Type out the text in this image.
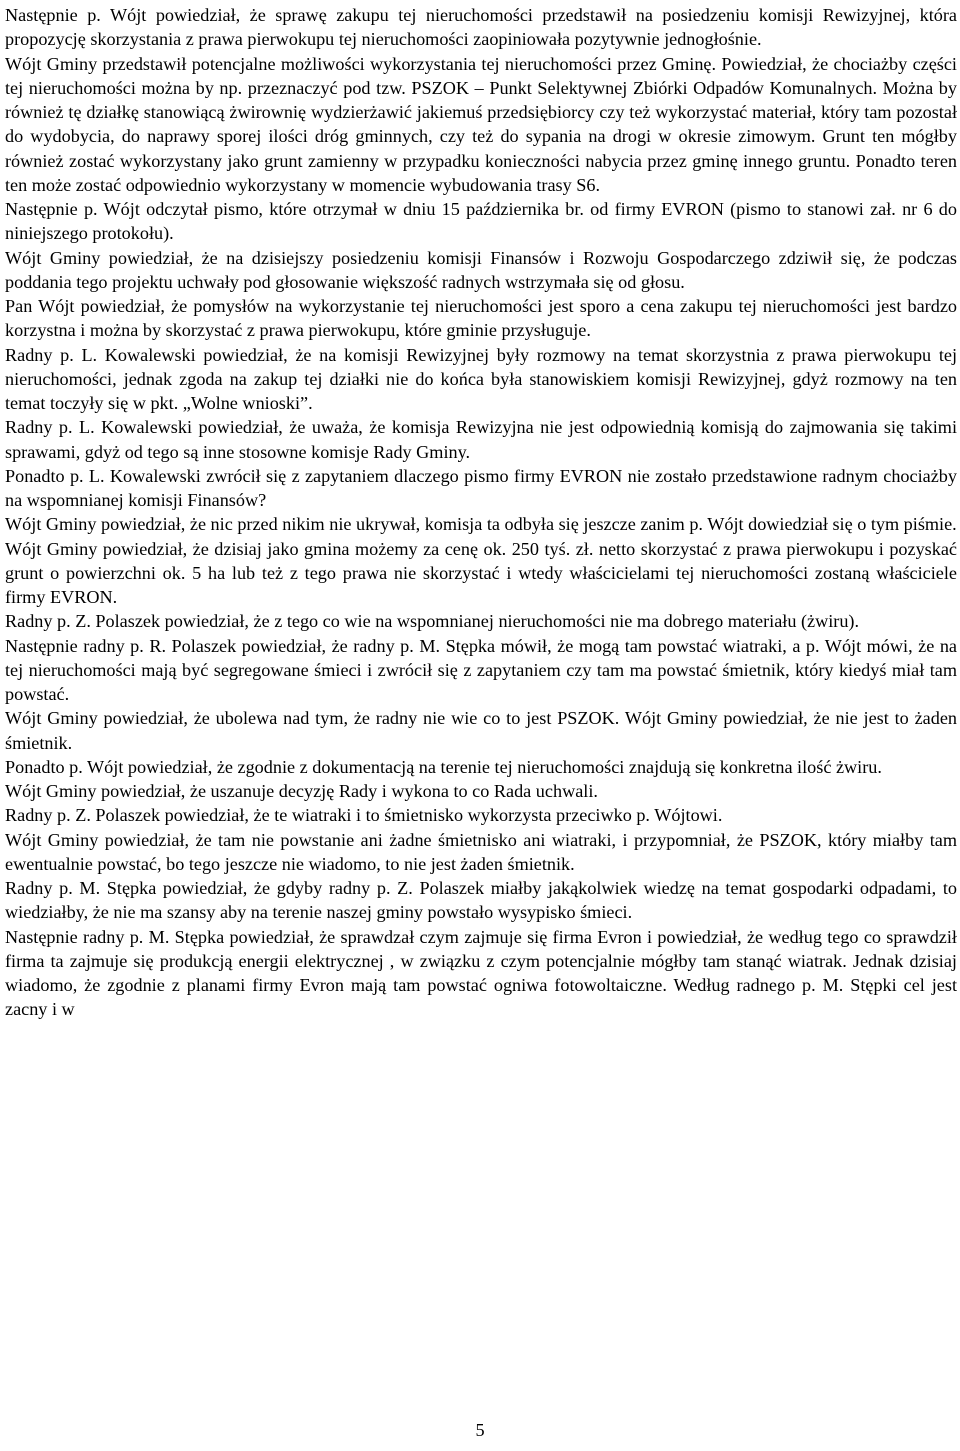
Następnie p. Wójt powiedział, że sprawę zakupu tej nieruchomości przedstawił na posiedzeniu komisji Rewizyjnej, która propozycję skorzystania z prawa pierwokupu tej nieruchomości zaopiniowała pozytywnie jednogłośnie.

Wójt Gminy przedstawił potencjalne możliwości wykorzystania tej nieruchomości przez Gminę. Powiedział, że chociażby części tej nieruchomości można by np. przeznaczyć pod tzw. PSZOK – Punkt Selektywnej Zbiórki Odpadów Komunalnych. Można by również tę działkę stanowiącą żwirownię wydzierżawić jakiemuś przedsiębiorcy czy też wykorzystać materiał, który tam pozostał do wydobycia, do naprawy sporej ilości dróg gminnych, czy też do sypania na drogi w okresie zimowym. Grunt ten mógłby również zostać wykorzystany jako grunt zamienny w przypadku konieczności nabycia przez gminę innego gruntu. Ponadto teren ten może zostać odpowiednio wykorzystany w momencie wybudowania trasy S6.

Następnie p. Wójt odczytał pismo, które otrzymał w dniu 15 października br. od firmy EVRON (pismo to stanowi zał. nr 6 do niniejszego protokołu).

Wójt Gminy powiedział, że na dzisiejszy posiedzeniu komisji Finansów i Rozwoju Gospodarczego zdziwił się, że podczas poddania tego projektu uchwały pod głosowanie większość radnych wstrzymała się od głosu.

Pan Wójt powiedział, że pomysłów na wykorzystanie tej nieruchomości jest sporo a cena zakupu tej nieruchomości jest bardzo korzystna i można by skorzystać z prawa pierwokupu, które gminie przysługuje.

Radny p. L. Kowalewski powiedział, że na komisji Rewizyjnej były rozmowy na temat skorzystnia z prawa pierwokupu tej nieruchomości, jednak zgoda na zakup tej działki nie do końca była stanowiskiem komisji Rewizyjnej, gdyż rozmowy na ten temat toczyły się w pkt. „Wolne wnioski”.

Radny p. L. Kowalewski powiedział, że uważa, że komisja Rewizyjna nie jest odpowiednią komisją do zajmowania się takimi sprawami, gdyż od tego są inne stosowne komisje Rady Gminy.

Ponadto p. L. Kowalewski zwrócił się z zapytaniem dlaczego pismo firmy EVRON nie zostało przedstawione radnym chociażby na wspomnianej komisji Finansów?

Wójt Gminy powiedział, że nic przed nikim nie ukrywał, komisja ta odbyła się jeszcze zanim p. Wójt dowiedział się o tym piśmie.

Wójt Gminy powiedział, że dzisiaj jako gmina możemy za cenę ok. 250 tyś. zł. netto skorzystać z prawa pierwokupu i pozyskać grunt o powierzchni ok. 5 ha lub też z tego prawa nie skorzystać i wtedy właścicielami tej nieruchomości zostaną właściciele firmy EVRON.

Radny p. Z. Polaszek powiedział, że z tego co wie na wspomnianej nieruchomości nie ma dobrego materiału (żwiru).

Następnie radny p. R. Polaszek powiedział, że radny p. M. Stępka mówił, że mogą tam powstać wiatraki, a p. Wójt mówi, że na tej nieruchomości mają być segregowane śmieci i zwrócił się z zapytaniem czy tam ma powstać śmietnik, który kiedyś miał tam powstać.

Wójt Gminy powiedział, że ubolewa nad tym, że radny nie wie co to jest PSZOK. Wójt Gminy powiedział, że nie jest to żaden śmietnik.

Ponadto p. Wójt powiedział, że zgodnie z dokumentacją na terenie tej nieruchomości znajdują się konkretna ilość żwiru.

Wójt Gminy powiedział, że uszanuje decyzję Rady i wykona to co Rada uchwali.

Radny p. Z. Polaszek powiedział, że te wiatraki i to śmietnisko wykorzysta przeciwko p. Wójtowi.

Wójt Gminy powiedział, że tam nie powstanie ani żadne śmietnisko ani wiatraki, i przypomniał, że PSZOK, który miałby tam ewentualnie powstać, bo tego jeszcze nie wiadomo, to nie jest żaden śmietnik.

Radny p. M. Stępka powiedział, że gdyby radny p. Z. Polaszek miałby jakąkolwiek wiedzę na temat gospodarki odpadami, to wiedziałby, że nie ma szansy aby na terenie naszej gminy powstało wysypisko śmieci.

Następnie radny p. M. Stępka powiedział, że sprawdzał czym zajmuje się firma Evron i powiedział, że według tego co sprawdził firma ta zajmuje się produkcją energii elektrycznej , w związku z czym potencjalnie mógłby tam stanąć wiatrak. Jednak dzisiaj wiadomo, że zgodnie z planami firmy Evron mają tam powstać ogniwa fotowoltaiczne. Według radnego p. M. Stępki cel jest zacny i w

5
